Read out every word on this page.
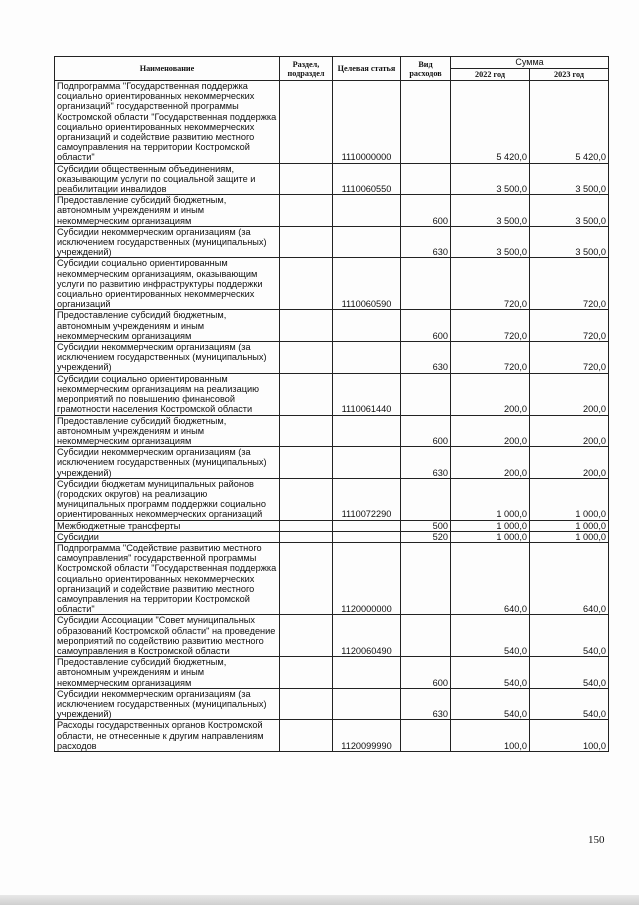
Наименование	Раздел, подраздел	Целевая статья	Вид расходов	Сумма	
				2022 год	2023 год
Подпрограмма "Государственная поддержка социально ориентированных некоммерческих организаций" государственной программы Костромской области "Государственная поддержка социально ориентированных некоммерческих организаций и содействие развитию местного самоуправления на территории Костромской области"		1110000000		5 420,0	5 420,0
Субсидии общественным объединениям, оказывающим услуги по социальной защите и реабилитации инвалидов		1110060550		3 500,0	3 500,0
Предоставление субсидий бюджетным, автономным учреждениям и иным некоммерческим организациям			600	3 500,0	3 500,0
Субсидии некоммерческим организациям (за исключением государственных (муниципальных) учреждений)			630	3 500,0	3 500,0
Субсидии социально ориентированным некоммерческим организациям, оказывающим услуги по развитию инфраструктуры поддержки социально ориентированных некоммерческих организаций		1110060590		720,0	720,0
Предоставление субсидий бюджетным, автономным учреждениям и иным некоммерческим организациям			600	720,0	720,0
Субсидии некоммерческим организациям (за исключением государственных (муниципальных) учреждений)			630	720,0	720,0
Субсидии социально ориентированным некоммерческим организациям на реализацию мероприятий по повышению финансовой грамотности населения Костромской области		1110061440		200,0	200,0
Предоставление субсидий бюджетным, автономным учреждениям и иным некоммерческим организациям			600	200,0	200,0
Субсидии некоммерческим организациям (за исключением государственных (муниципальных) учреждений)			630	200,0	200,0
Субсидии бюджетам муниципальных районов (городских округов) на реализацию муниципальных программ поддержки социально ориентированных некоммерческих организаций		1110072290		1 000,0	1 000,0
Межбюджетные трансферты			500	1 000,0	1 000,0
Субсидии			520	1 000,0	1 000,0
Подпрограмма "Содействие развитию местного самоуправления" государственной программы Костромской области "Государственная поддержка социально ориентированных некоммерческих организаций и содействие развитию местного самоуправления на территории Костромской области"		1120000000		640,0	640,0
Субсидии Ассоциации "Совет муниципальных образований Костромской области" на проведение мероприятий по содействию развитию местного самоуправления в Костромской области		1120060490		540,0	540,0
Предоставление субсидий бюджетным, автономным учреждениям и иным некоммерческим организациям			600	540,0	540,0
Субсидии некоммерческим организациям (за исключением государственных (муниципальных) учреждений)			630	540,0	540,0
Расходы государственных органов Костромской области, не отнесенные к другим направлениям расходов		1120099990		100,0	100,0
150
